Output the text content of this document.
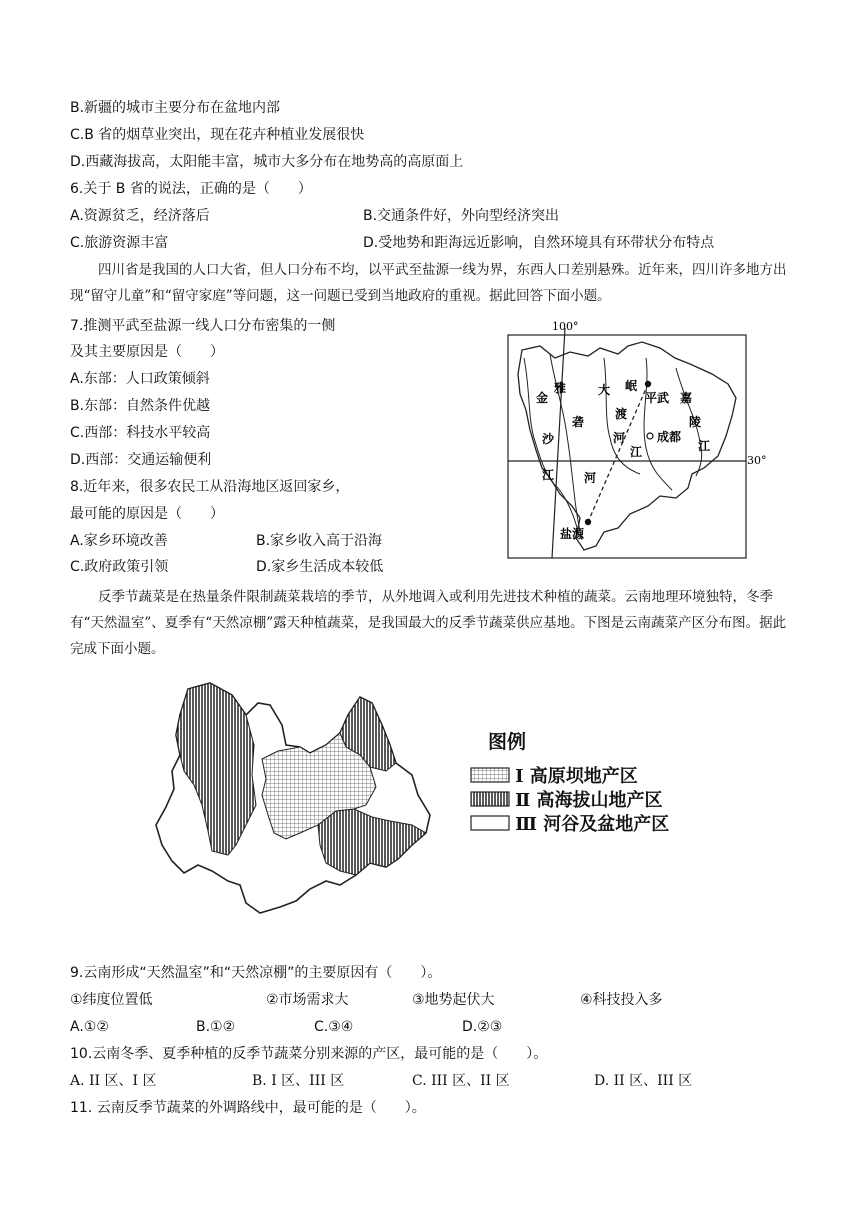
B.新疆的城市主要分布在盆地内部
C.B 省的烟草业突出，现在花卉种植业发展很快
D.西藏海拔高，太阳能丰富，城市大多分布在地势高的高原面上
6.关于 B 省的说法，正确的是（　　）
A.资源贫乏，经济落后	B.交通条件好，外向型经济突出
C.旅游资源丰富	D.受地势和距海远近影响，自然环境具有环带状分布特点
四川省是我国的人口大省，但人口分布不均，以平武至盐源一线为界，东西人口差别悬殊。近年来，四川许多地方出现“留守儿童”和“留守家庭”等问题，这一问题已受到当地政府的重视。据此回答下面小题。
7.推测平武至盐源一线人口分布密集的一侧
及其主要原因是（　　）
A.东部：人口政策倾斜
B.东部：自然条件优越
C.西部：科技水平较高
D.西部：交通运输便利
8.近年来，很多农民工从沿海地区返回家乡，
最可能的原因是（　　）
A.家乡环境改善	B.家乡收入高于沿海
C.政府政策引领	D.家乡生活成本较低
100°
30°
平武
成都
盐源
金
沙
江
雅
砻
河
大
渡
河
岷
江
嘉
陵
江
反季节蔬菜是在热量条件限制蔬菜栽培的季节，从外地调入或利用先进技术种植的蔬菜。云南地理环境独特，冬季有“天然温室”、夏季有“天然凉棚”露天种植蔬菜，是我国最大的反季节蔬菜供应基地。下图是云南蔬菜产区分布图。据此完成下面小题。
图例
Ⅰ 高原坝地产区
Ⅱ 高海拔山地产区
Ⅲ 河谷及盆地产区
9.云南形成“天然温室”和“天然凉棚”的主要原因有（　　）。
①纬度位置低	②市场需求大	③地势起伏大	④科技投入多
A.①②	B.①②	C.③④	D.②③
10.云南冬季、夏季种植的反季节蔬菜分别来源的产区，最可能的是（　　）。
A. II 区、I 区	B. I 区、III 区	C. III 区、II 区	D. II 区、III 区
11. 云南反季节蔬菜的外调路线中，最可能的是（　　）。
